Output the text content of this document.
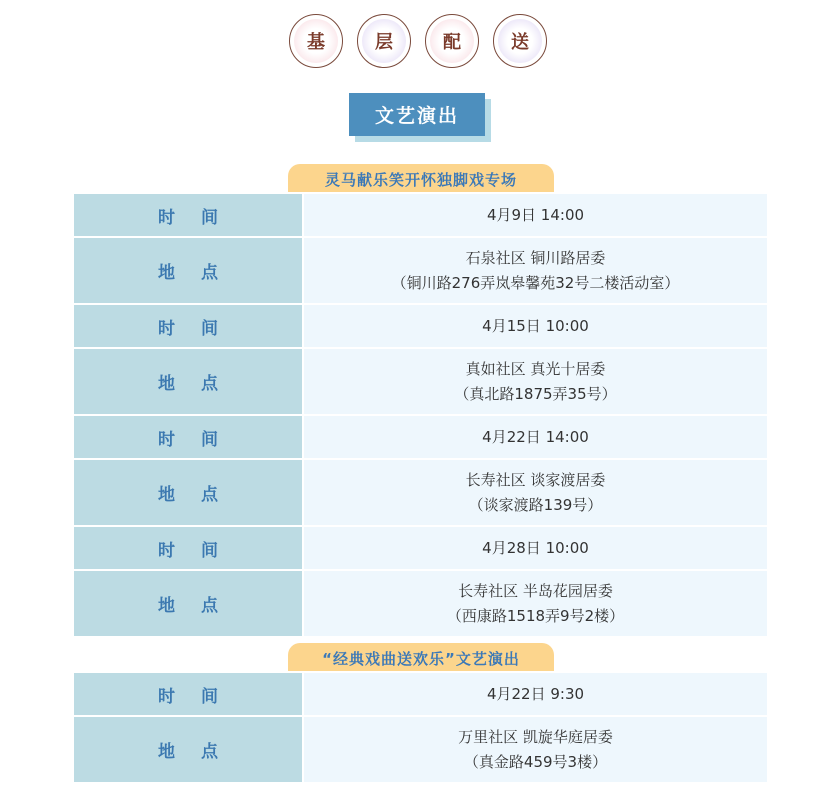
基	层	配	送
文艺演出
灵马献乐笑开怀独脚戏专场
时 间	4月9日 14:00
地 点	石泉社区 铜川路居委
（铜川路276弄岚皋馨苑32号二楼活动室）

时 间	4月15日 10:00
地 点	真如社区 真光十居委
（真北路1875弄35号）

时 间	4月22日 14:00
地 点	长寿社区 谈家渡居委
（谈家渡路139号）

时 间	4月28日 10:00
地 点	长寿社区 半岛花园居委
（西康路1518弄9号2楼）
“经典戏曲送欢乐”文艺演出
时 间	4月22日 9:30
地 点	万里社区 凯旋华庭居委
（真金路459号3楼）
